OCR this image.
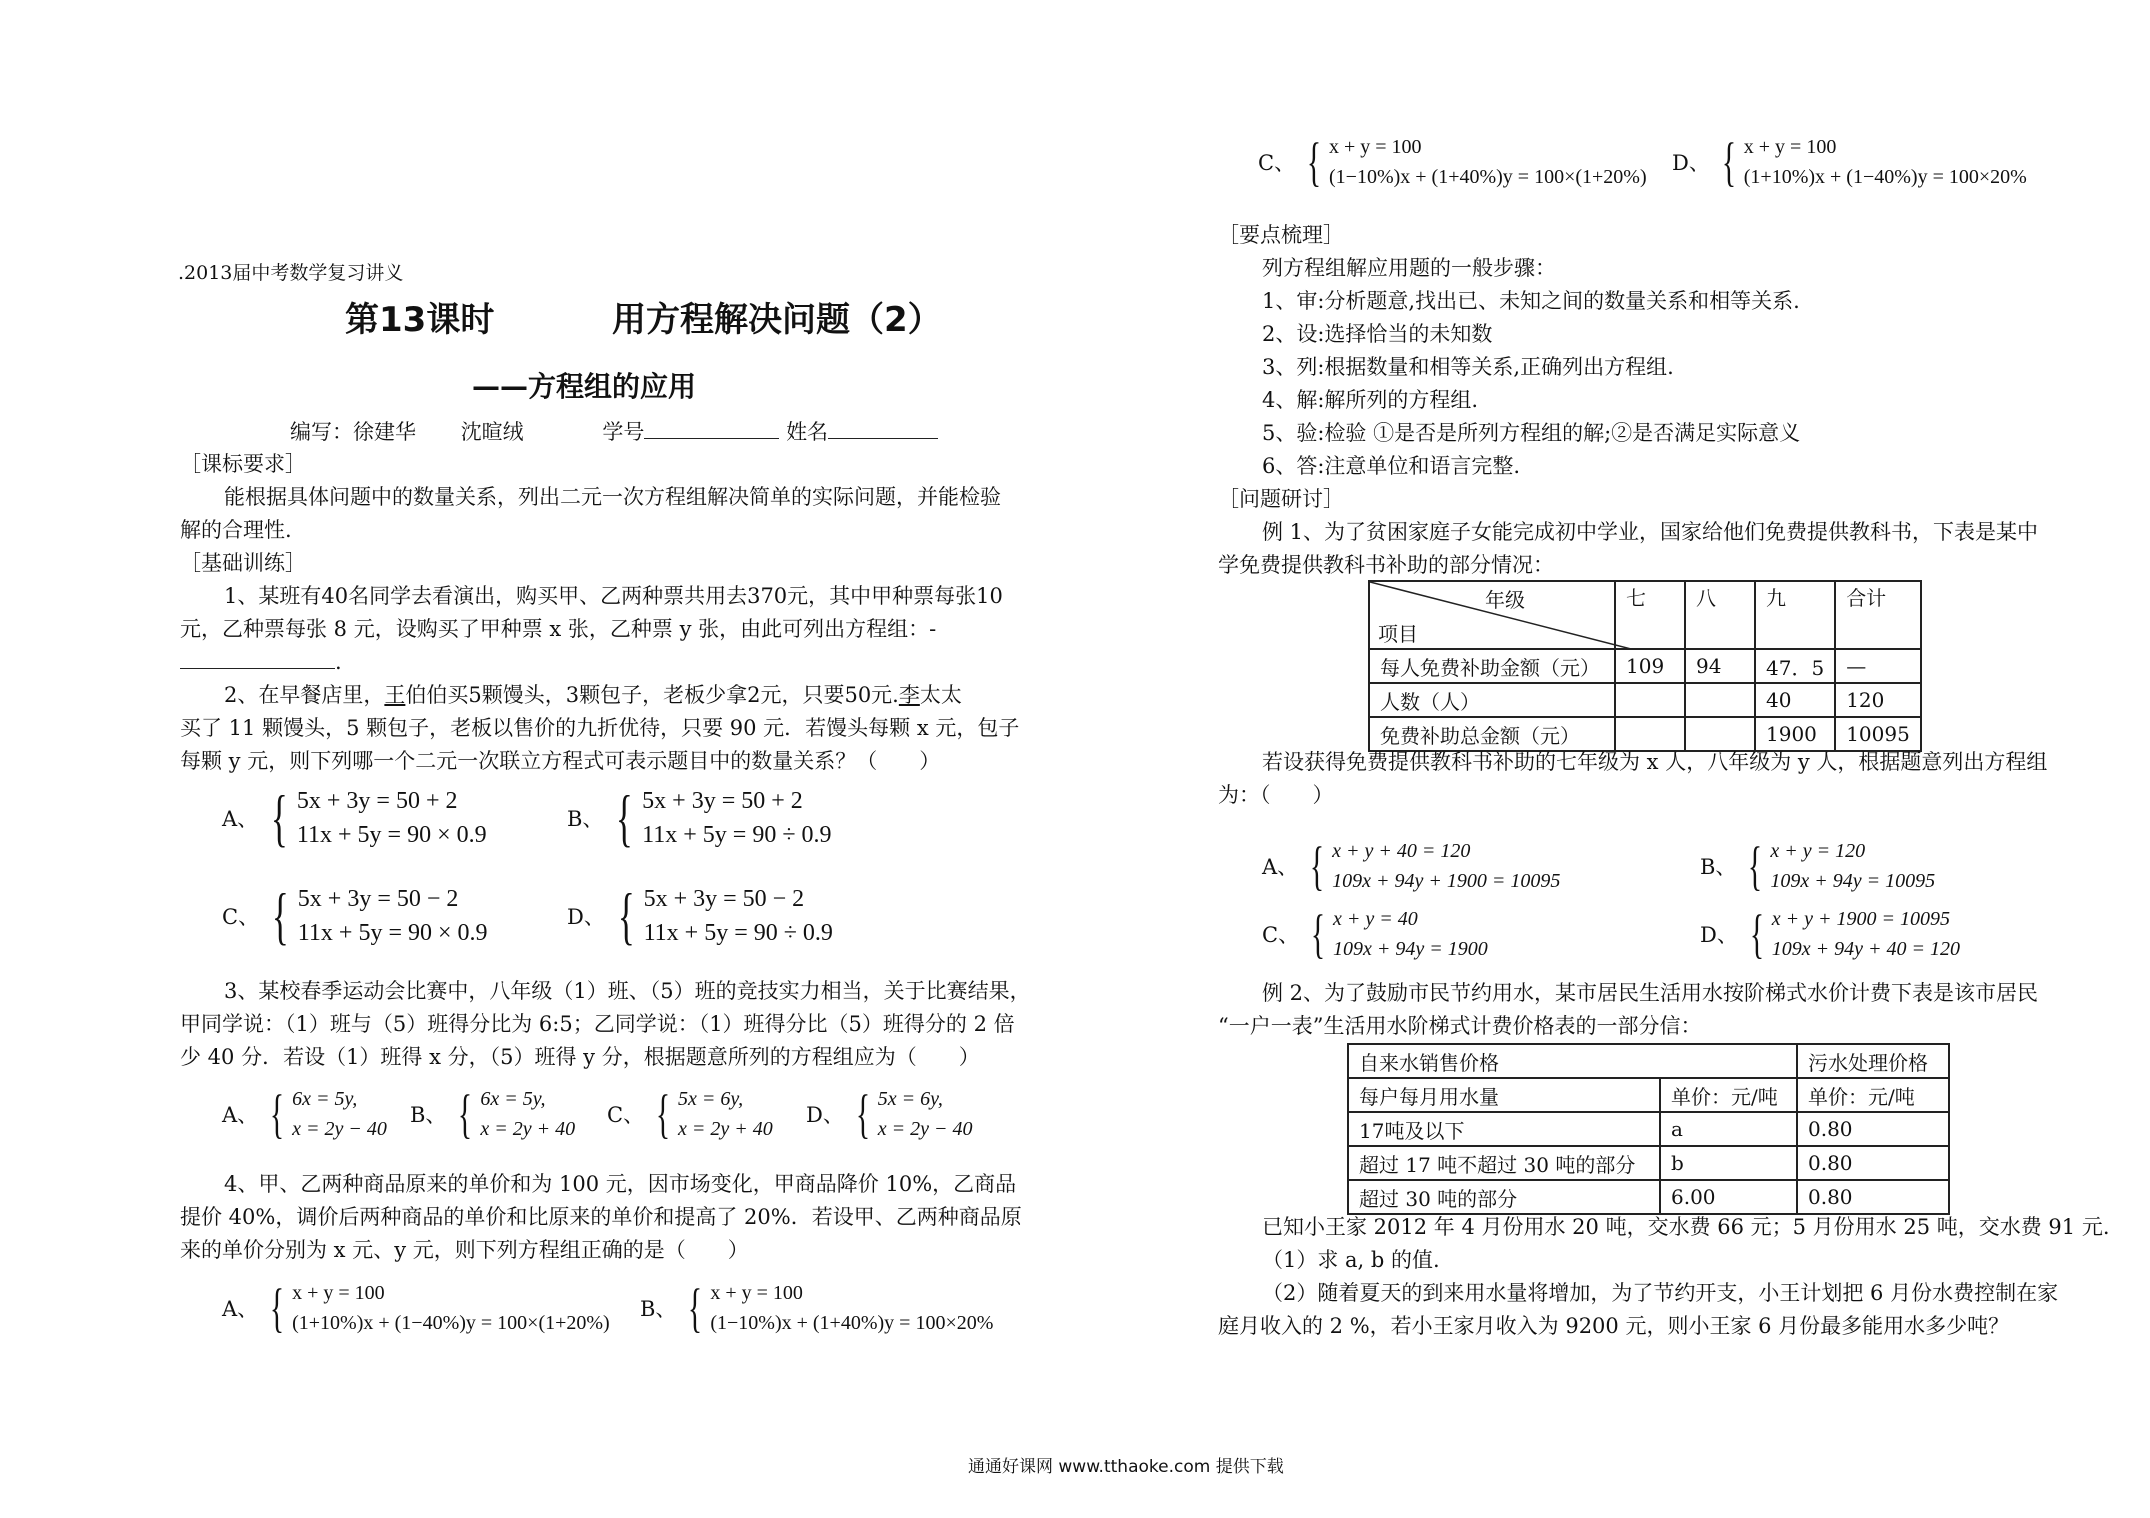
.2013届中考数学复习讲义
第13课时	用方程解决问题（2）
——方程组的应用
编写：徐建华 沈暄绒	学号	姓名
［课标要求］
能根据具体问题中的数量关系，列出二元一次方程组解决简单的实际问题，并能检验
解的合理性.
［基础训练］
1、某班有40名同学去看演出，购买甲、乙两种票共用去370元，其中甲种票每张10
元，乙种票每张 8 元，设购买了甲种票 x 张，乙种票 y 张，由此可列出方程组：-
.
2、在早餐店里，王伯伯买5颗馒头，3颗包子，老板少拿2元，只要50元.李太太
买了 11 颗馒头，5 颗包子，老板以售价的九折优待，只要 90 元．若馒头每颗 x 元，包子
每颗 y 元，则下列哪一个二元一次联立方程式可表示题目中的数量关系？（　　）
A、 { 5x + 3y = 50 + 2
11x + 5y = 90 × 0.9
B、 { 5x + 3y = 50 + 2
11x + 5y = 90 ÷ 0.9
C、 { 5x + 3y = 50 − 2
11x + 5y = 90 × 0.9
D、 { 5x + 3y = 50 − 2
11x + 5y = 90 ÷ 0.9
3、某校春季运动会比赛中，八年级（1）班、（5）班的竞技实力相当，关于比赛结果，
甲同学说：（1）班与（5）班得分比为 6:5；乙同学说：（1）班得分比（5）班得分的 2 倍
少 40 分．若设（1）班得 x 分，（5）班得 y 分，根据题意所列的方程组应为（　　）
A、 { 6x = 5y,
x = 2y − 40
B、 { 6x = 5y,
x = 2y + 40
C、 { 5x = 6y,
x = 2y + 40
D、 { 5x = 6y,
x = 2y − 40
4、甲、乙两种商品原来的单价和为 100 元，因市场变化，甲商品降价 10%，乙商品
提价 40%，调价后两种商品的单价和比原来的单价和提高了 20%．若设甲、乙两种商品原
来的单价分别为 x 元、y 元，则下列方程组正确的是（　　）
A、 { x + y = 100
(1+10%)x + (1−40%)y = 100×(1+20%)
B、 { x + y = 100
(1−10%)x + (1+40%)y = 100×20%
C、 { x + y = 100
(1−10%)x + (1+40%)y = 100×(1+20%)
D、 { x + y = 100
(1+10%)x + (1−40%)y = 100×20%
［要点梳理］
列方程组解应用题的一般步骤：
1、审:分析题意,找出已、未知之间的数量关系和相等关系.
2、设:选择恰当的未知数
3、列:根据数量和相等关系,正确列出方程组.
4、解:解所列的方程组.
5、验:检验 ①是否是所列方程组的解;②是否满足实际意义
6、答:注意单位和语言完整.
［问题研讨］
例 1、为了贫困家庭子女能完成初中学业，国家给他们免费提供教科书，下表是某中
学免费提供教科书补助的部分情况：
年级
项目	七	八	九	合计

每人免费补助金额（元）	109	94	47．5	—
人数（人）			40	120
免费补助总金额（元）			1900	10095
若设获得免费提供教科书补助的七年级为 x 人，八年级为 y 人，根据题意列出方程组
为：（　　）
A、 { x + y + 40 = 120
109x + 94y + 1900 = 10095
B、 { x + y = 120
109x + 94y = 10095
C、 { x + y = 40
109x + 94y = 1900
D、 { x + y + 1900 = 10095
109x + 94y + 40 = 120
例 2、为了鼓励市民节约用水，某市居民生活用水按阶梯式水价计费下表是该市居民
“一户一表”生活用水阶梯式计费价格表的一部分信：
自来水销售价格		污水处理价格
每户每月用水量	单价：元/吨	单价：元/吨
17吨及以下	a	0.80
超过 17 吨不超过 30 吨的部分	b	0.80
超过 30 吨的部分	6.00	0.80
已知小王家 2012 年 4 月份用水 20 吨，交水费 66 元；5 月份用水 25 吨，交水费 91 元.
（1）求 a, b 的值.
（2）随着夏天的到来用水量将增加，为了节约开支，小王计划把 6 月份水费控制在家
庭月收入的 2 %，若小王家月收入为 9200 元，则小王家 6 月份最多能用水多少吨？
通通好课网 www.tthaoke.com 提供下载
